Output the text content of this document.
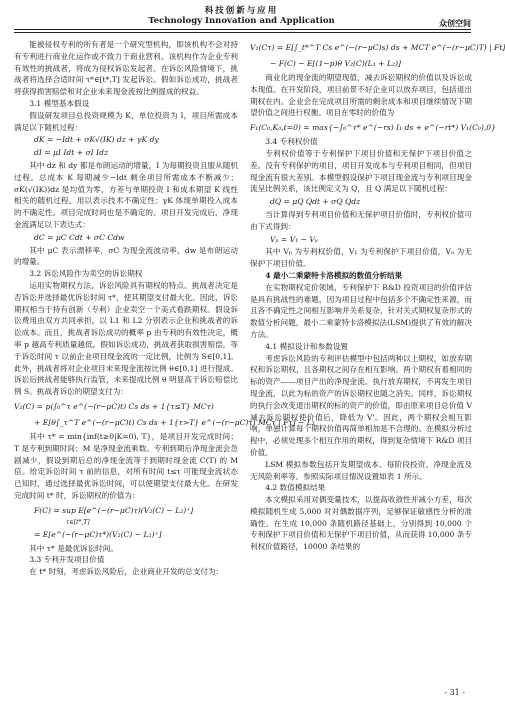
科技创新与应用
Technology Innovation and Application	众创空间

能被侵权专利的所有者是一个研究型机构，即该机构不会对持有专利进行商业化运作或不致力于商业营利。该机构作为企业专利有效性的挑战者，将成为侵权诉讼发起者。在诉讼风险情境下，挑战者将选择合适时间 τ*∈[t*,T] 发起诉讼。假如诉讼成功，挑战者将获得损害赔偿和对企业未来现金流按比例提成的权益。

3.1 模型基本假设

假设研发项目总投资规模为 K，单位投资为 I，项目所需成本满足以下随机过程：

dK = −Idt + σK√(IK) dz + γK dy
dI = μI Idt + σI Idz

其中 dz 和 dy 都是布朗运动的增量，I 为每期投资且服从随机过程。总成本 K 每期减少−Idt 剩余项目所需成本不断减少；σK(√(IK))dz 是均值为零，方差与单期投资 I 和成本期望 K 线性相关的随机过程，用以表示技术不确定性；γK 体现单期投入成本的不确定性。项目完成时间也是不确定的。项目开发完成后，净现金流满足以下表达式：

dC = μC Cdt + σC Cdw

其中 μC 表示漂移率，σC 为现金流波动率，dw 是布朗运动的增量。

3.2 诉讼风险作为卖空的诉讼期权

运用实物期权方法，诉讼风险具有期权的特点。挑战者决定是否诉讼并选择最优诉讼时间 τ*，使其期望支付最大化。因此，诉讼期权相当于持有创新（专利）企业卖空一个美式看跌期权。假设诉讼费用由双方共同承担，以 L1 和 L2 分别表示企业和挑战者的诉讼成本。而且，挑战者诉讼成功的概率 p 由专利的有效性决定，概率 p 越高专利质量越低。假如诉讼成功，挑战者获取损害赔偿，等于诉讼时间 τ 以前企业项目现金流的一定比例，比例为 S∈[0,1]。此外，挑战者将对企业项目未来现金流按比例 θ∈[0,1] 进行提成。诉讼后挑战者能够执行监管，未来提成比例 θ 明显高于诉讼赔偿比例 S。挑战者诉讼的期望支付为：

V₂(C) = p(∫₀^τ e^(−(r−μC)t) Cs ds + 1{τ≤T} MCτ)
+ E[θ∫_τ^T e^(−(r−μC)t) Cs ds + 1{τ>T} e^(−(r−μC)τ) MCτ | Fτ] − L₂

其中 τ* = min{inf(t≥0|K=0), T}，是项目开发完成时间；T 是专利到期时间；M 是净现金流乘数。专利到期后净现金流会急剧减少，假设到期后总的净现金流等于到期时现金流 C(T) 的 M 倍。给定诉讼时间 τ 前的信息，对所有时间 t≤τ 可能现金流状态已知时，通过选择最优诉讼时间，可以使期望支付最大化。在研发完成时间 t* 时，诉讼期权的价值为：

F(C) = sup E[e^(−(r−μC)τ)(V₂(C) − L₂)⁺]
τ∈[t*,T]
= E[e^(−(r−μC)τ*)(V₂(C) − L₂)⁺]

其中 τ* 是最优诉讼时间。

3.3 专利开发项目价值

在 t* 时刻，考虑诉讼风险后，企业商业开发的总支付为：

V₁(Cτ) = E[∫_t*^T Cs e^(−(r−μC)s) ds + MCT e^(−(r−μC)T) | Ft]
− F(C) − E[(1−p)θ V₂(C)(L₁ + L₂)]

商业化的现金流的期望现值，减去诉讼期权的价值以及诉讼成本现值。在开发阶段，项目前景不好企业可以放弃项目，包括退出期权在内。企业会在完成项目所需的剩余成本和项目继续情况下期望价值之间进行权衡。项目在零时的价值为

F₁(C₀,K₀,t=0) = max{−∫₀^τ* e^(−rs) I₁ ds + e^(−rt*) V₁(C₀),0}

3.4 专利权价值

专利权价值等于专利保护下项目价值和无保护下项目价值之差。没有专利保护的项目，项目开发成本与专利项目相同，但项目现金流有很大差别。本模型假设保护下项目现金流与专利项目现金流呈比例关系，该比例定义为 Q，且 Q 满足以下随机过程：

dQ = μQ Qdt + σQ Qdz

当计算得到专利项目价值和无保护项目价值时，专利权价值可由下式得到：

Vₚ = V₁ − Vᵤ

其中 Vₚ 为专利权价值，V₁ 为专利保护下项目价值，Vᵤ 为无保护下项目价值。

4 最小二乘蒙特卡洛模拟的数值分析结果

在实物期权定价领域，专利保护下 R&D 投资项目的价值评估是具有挑战性的难题，因为项目过程中包括多个不确定性来源，而且各不确定性之间相互影响并关系复杂，针对关式期权复杂形式的数值分析问题，最小二乘蒙特卡洛模拟法(LSM)提供了有效的解决方法。

4.1 模拟设计和参数设置

考虑诉讼风险的专利评估模型中包括两种以上期权，如放弃期权和诉讼期权，且各期权之间存在相互影响。两个期权有着相同的标的资产——项目产出的净现金流。执行放弃期权，不再发生项目现金流，以此为标的资产的诉讼期权也随之消失。同样，诉讼期权的执行会改变退出期权的标的资产的价值，即由原来项目总价值 V 减去诉讼期权使价值后，降低为 V'。因此，两个期权会相互影响，单独计算每个期权价值再简单相加是不合理的。在模拟分析过程中，必须处理多个相互作用的期权，得到复杂情境下 R&D 项目价值。

LSM 模拟参数包括开发期望成本、每阶段投资、净现金流及无风险利率等。参照实际项目情况设置如表 1 所示。

4.2 数值模拟结果

本文模拟采用对偶变量技术，以提高收敛性并减小方差，每次模拟随机生成 5,000 对对偶数据序列，足够保证敏感性分析的准确性。在生成 10,000 条随机路径基础上，分别得到 10,000 个专利保护下项目价值和无保护下项目价值，从而获得 10,000 条专利权价值路径，10000 条结果的

- 31 -
